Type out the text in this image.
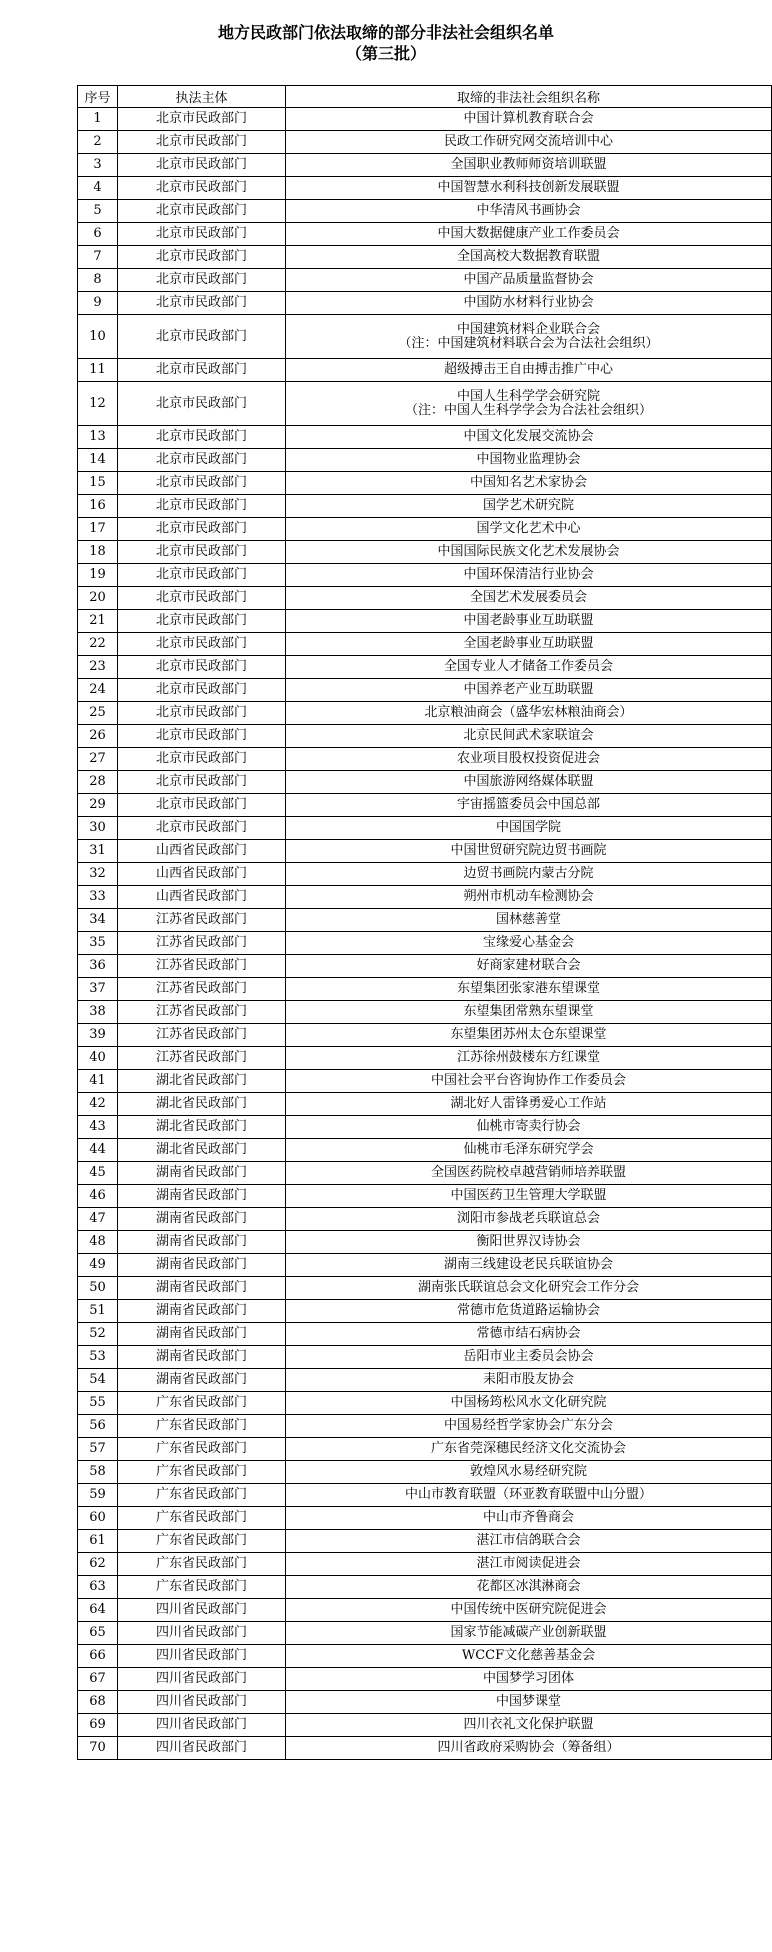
地方民政部门依法取缔的部分非法社会组织名单
（第三批）
序号	执法主体	取缔的非法社会组织名称
1	北京市民政部门	中国计算机教育联合会
2	北京市民政部门	民政工作研究网交流培训中心
3	北京市民政部门	全国职业教师师资培训联盟
4	北京市民政部门	中国智慧水利科技创新发展联盟
5	北京市民政部门	中华清风书画协会
6	北京市民政部门	中国大数据健康产业工作委员会
7	北京市民政部门	全国高校大数据教育联盟
8	北京市民政部门	中国产品质量监督协会
9	北京市民政部门	中国防水材料行业协会
10	北京市民政部门	中国建筑材料企业联合会
（注：中国建筑材料联合会为合法社会组织）

11	北京市民政部门	超级搏击王自由搏击推广中心
12	北京市民政部门	中国人生科学学会研究院
（注：中国人生科学学会为合法社会组织）

13	北京市民政部门	中国文化发展交流协会
14	北京市民政部门	中国物业监理协会
15	北京市民政部门	中国知名艺术家协会
16	北京市民政部门	国学艺术研究院
17	北京市民政部门	国学文化艺术中心
18	北京市民政部门	中国国际民族文化艺术发展协会
19	北京市民政部门	中国环保清洁行业协会
20	北京市民政部门	全国艺术发展委员会
21	北京市民政部门	中国老龄事业互助联盟
22	北京市民政部门	全国老龄事业互助联盟
23	北京市民政部门	全国专业人才储备工作委员会
24	北京市民政部门	中国养老产业互助联盟
25	北京市民政部门	北京粮油商会（盛华宏林粮油商会）
26	北京市民政部门	北京民间武术家联谊会
27	北京市民政部门	农业项目股权投资促进会
28	北京市民政部门	中国旅游网络媒体联盟
29	北京市民政部门	宇宙摇篮委员会中国总部
30	北京市民政部门	中国国学院
31	山西省民政部门	中国世贸研究院边贸书画院
32	山西省民政部门	边贸书画院内蒙古分院
33	山西省民政部门	朔州市机动车检测协会
34	江苏省民政部门	国林慈善堂
35	江苏省民政部门	宝缘爱心基金会
36	江苏省民政部门	好商家建材联合会
37	江苏省民政部门	东望集团张家港东望课堂
38	江苏省民政部门	东望集团常熟东望课堂
39	江苏省民政部门	东望集团苏州太仓东望课堂
40	江苏省民政部门	江苏徐州鼓楼东方红课堂
41	湖北省民政部门	中国社会平台咨询协作工作委员会
42	湖北省民政部门	湖北好人雷锋勇爱心工作站
43	湖北省民政部门	仙桃市寄卖行协会
44	湖北省民政部门	仙桃市毛泽东研究学会
45	湖南省民政部门	全国医药院校卓越营销师培养联盟
46	湖南省民政部门	中国医药卫生管理大学联盟
47	湖南省民政部门	浏阳市参战老兵联谊总会
48	湖南省民政部门	衡阳世界汉诗协会
49	湖南省民政部门	湖南三线建设老民兵联谊协会
50	湖南省民政部门	湖南张氏联谊总会文化研究会工作分会
51	湖南省民政部门	常德市危货道路运输协会
52	湖南省民政部门	常德市结石病协会
53	湖南省民政部门	岳阳市业主委员会协会
54	湖南省民政部门	耒阳市股友协会
55	广东省民政部门	中国杨筠松风水文化研究院
56	广东省民政部门	中国易经哲学家协会广东分会
57	广东省民政部门	广东省莞深穗民经济文化交流协会
58	广东省民政部门	敦煌风水易经研究院
59	广东省民政部门	中山市教育联盟（环亚教育联盟中山分盟）
60	广东省民政部门	中山市齐鲁商会
61	广东省民政部门	湛江市信鸽联合会
62	广东省民政部门	湛江市阅读促进会
63	广东省民政部门	花都区冰淇淋商会
64	四川省民政部门	中国传统中医研究院促进会
65	四川省民政部门	国家节能减碳产业创新联盟
66	四川省民政部门	WCCF文化慈善基金会
67	四川省民政部门	中国梦学习团体
68	四川省民政部门	中国梦课堂
69	四川省民政部门	四川衣礼文化保护联盟
70	四川省民政部门	四川省政府采购协会（筹备组）
